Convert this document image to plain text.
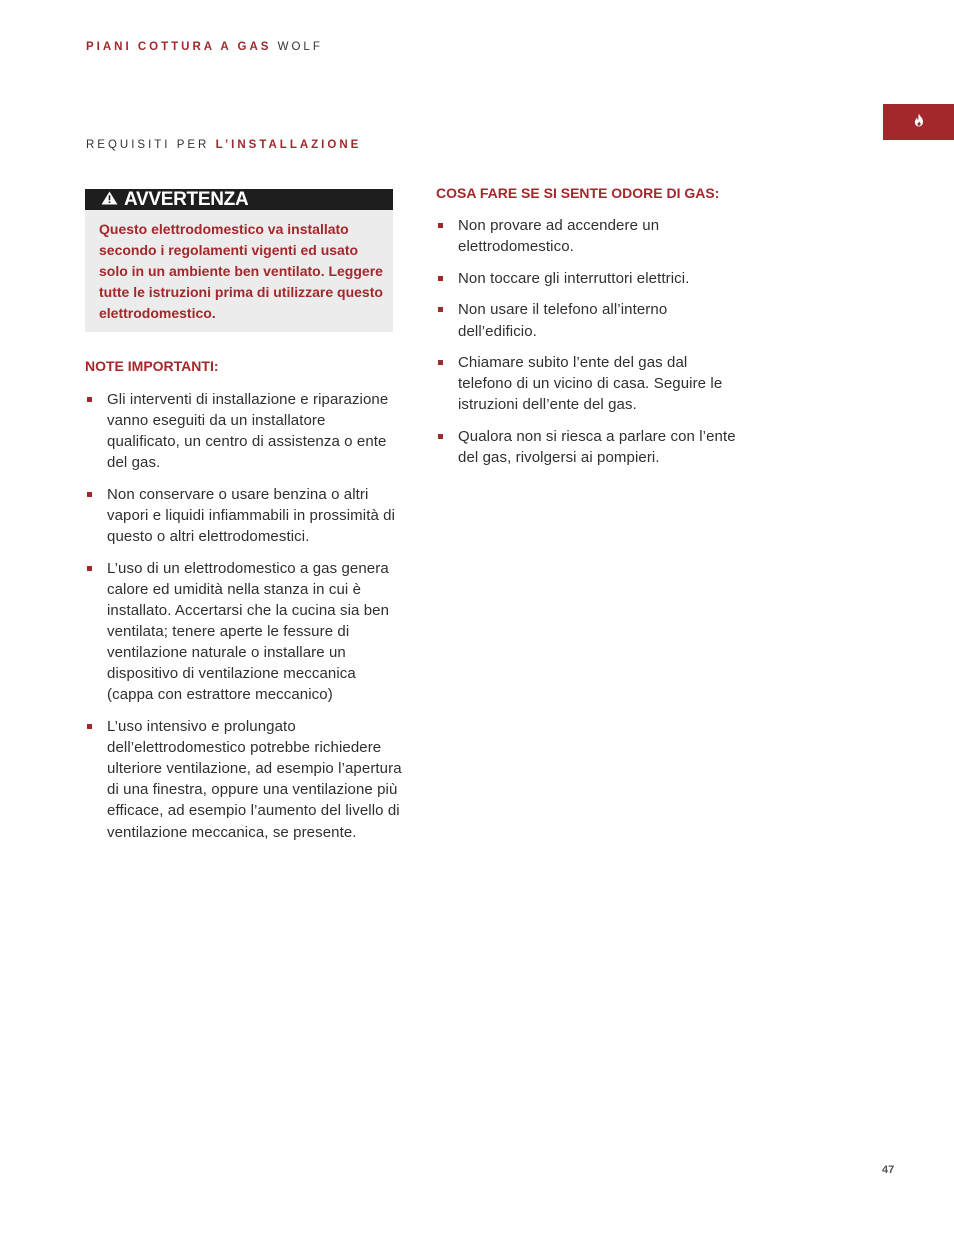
PIANI COTTURA A GAS WOLF
REQUISITI PER L’INSTALLAZIONE
AVVERTENZA

Questo elettrodomestico va installato secondo i regolamenti vigenti ed usato solo in un ambiente ben ventilato. Leggere tutte le istruzioni prima di utilizzare questo elettrodomestico.

NOTE IMPORTANTI:

Gli interventi di installazione e riparazione vanno eseguiti da un installatore qualificato, un centro di assistenza o ente del gas.
Non conservare o usare benzina o altri vapori e liquidi infiammabili in prossimità di questo o altri elettrodomestici.
L’uso di un elettrodomestico a gas genera calore ed umidità nella stanza in cui è installato. Accertarsi che la cucina sia ben ventilata; tenere aperte le fessure di ventilazione naturale o installare un dispositivo di ventilazione meccanica (cappa con estrattore meccanico)
L’uso intensivo e prolungato dell’elettrodomestico potrebbe richiedere ulteriore ventilazione, ad esempio l’apertura di una finestra, oppure una ventilazione più efficace, ad esempio l’aumento del livello di ventilazione meccanica, se presente.

COSA FARE SE SI SENTE ODORE DI GAS:

Non provare ad accendere un elettrodomestico.
Non toccare gli interruttori elettrici.
Non usare il telefono all’interno dell’edificio.
Chiamare subito l’ente del gas dal telefono di un vicino di casa. Seguire le istruzioni dell’ente del gas.
Qualora non si riesca a parlare con l’ente del gas, rivolgersi ai pompieri.
47
